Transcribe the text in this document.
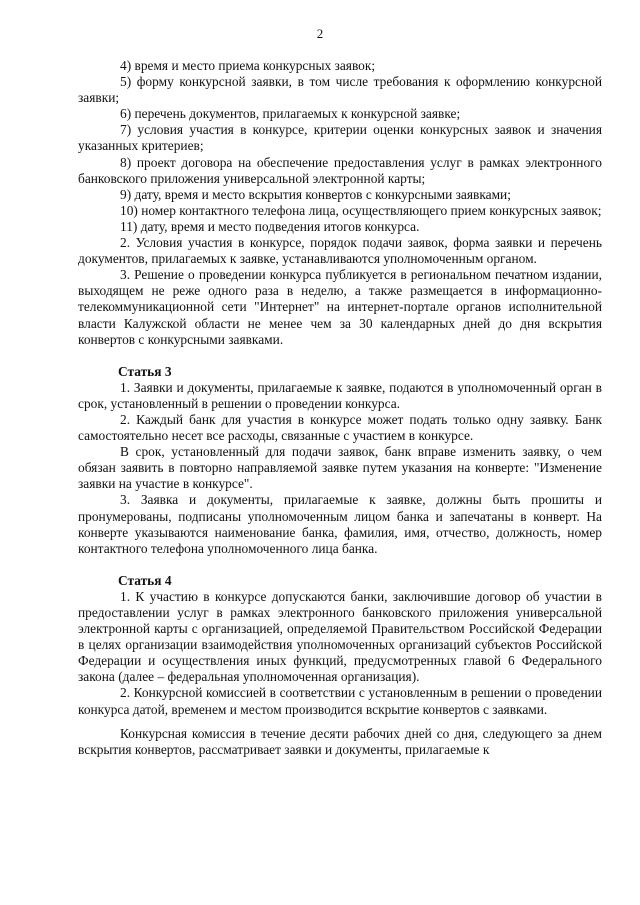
2

4) время и место приема конкурсных заявок;

5) форму конкурсной заявки, в том числе требования к оформлению конкурсной заявки;

6) перечень документов, прилагаемых к конкурсной заявке;

7) условия участия в конкурсе, критерии оценки конкурсных заявок и значения указанных критериев;

8) проект договора на обеспечение предоставления услуг в рамках электронного банковского приложения универсальной электронной карты;

9) дату, время и место вскрытия конвертов с конкурсными заявками;

10) номер контактного телефона лица, осуществляющего прием конкурсных заявок;

11) дату, время и место подведения итогов конкурса.

2. Условия участия в конкурсе, порядок подачи заявок, форма заявки и перечень документов, прилагаемых к заявке, устанавливаются уполномоченным органом.

3. Решение о проведении конкурса публикуется в региональном печатном издании, выходящем не реже одного раза в неделю, а также размещается в информационно-телекоммуникационной сети "Интернет" на интернет-портале органов исполнительной власти Калужской области не менее чем за 30 календарных дней до дня вскрытия конвертов с конкурсными заявками.

Статья 3

1. Заявки и документы, прилагаемые к заявке, подаются в уполномоченный орган в срок, установленный в решении о проведении конкурса.

2. Каждый банк для участия в конкурсе может подать только одну заявку. Банк самостоятельно несет все расходы, связанные с участием в конкурсе.

В срок, установленный для подачи заявок, банк вправе изменить заявку, о чем обязан заявить в повторно направляемой заявке путем указания на конверте: "Изменение заявки на участие в конкурсе".

3. Заявка и документы, прилагаемые к заявке, должны быть прошиты и пронумерованы, подписаны уполномоченным лицом банка и запечатаны в конверт. На конверте указываются наименование банка, фамилия, имя, отчество, должность, номер контактного телефона уполномоченного лица банка.

Статья 4

1. К участию в конкурсе допускаются банки, заключившие договор об участии в предоставлении услуг в рамках электронного банковского приложения универсальной электронной карты с организацией, определяемой Правительством Российской Федерации в целях организации взаимодействия уполномоченных организаций субъектов Российской Федерации и осуществления иных функций, предусмотренных главой 6 Федерального закона (далее – федеральная уполномоченная организация).

2. Конкурсной комиссией в соответствии с установленным в решении о проведении конкурса датой, временем и местом производится вскрытие конвертов с заявками.

Конкурсная комиссия в течение десяти рабочих дней со дня, следующего за днем вскрытия конвертов, рассматривает заявки и документы, прилагаемые к
